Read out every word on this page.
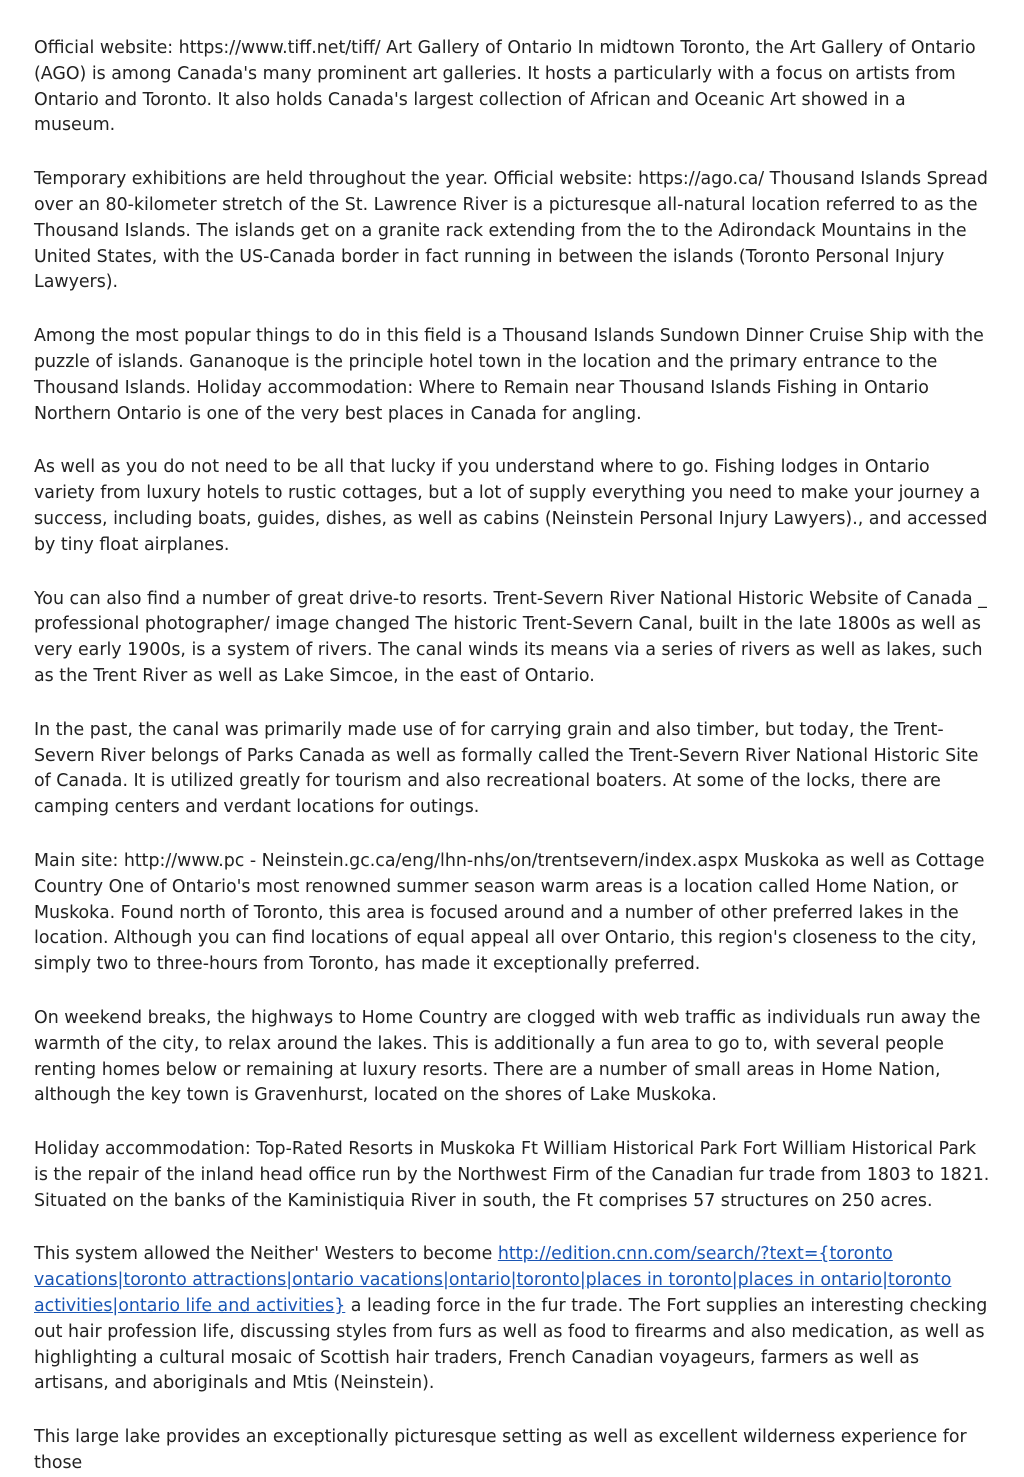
Official website: https://www.tiff.net/tiff/ Art Gallery of Ontario In midtown Toronto, the Art Gallery of Ontario (AGO) is among Canada's many prominent art galleries. It hosts a particularly with a focus on artists from Ontario and Toronto. It also holds Canada's largest collection of African and Oceanic Art showed in a museum.

Temporary exhibitions are held throughout the year. Official website: https://ago.ca/ Thousand Islands Spread over an 80-kilometer stretch of the St. Lawrence River is a picturesque all-natural location referred to as the Thousand Islands. The islands get on a granite rack extending from the to the Adirondack Mountains in the United States, with the US-Canada border in fact running in between the islands (Toronto Personal Injury Lawyers).

Among the most popular things to do in this field is a Thousand Islands Sundown Dinner Cruise Ship with the puzzle of islands. Gananoque is the principle hotel town in the location and the primary entrance to the Thousand Islands. Holiday accommodation: Where to Remain near Thousand Islands Fishing in Ontario Northern Ontario is one of the very best places in Canada for angling.

As well as you do not need to be all that lucky if you understand where to go. Fishing lodges in Ontario variety from luxury hotels to rustic cottages, but a lot of supply everything you need to make your journey a success, including boats, guides, dishes, as well as cabins (Neinstein Personal Injury Lawyers)., and accessed by tiny float airplanes.

You can also find a number of great drive-to resorts. Trent-Severn River National Historic Website of Canada _ professional photographer/ image changed The historic Trent-Severn Canal, built in the late 1800s as well as very early 1900s, is a system of rivers. The canal winds its means via a series of rivers as well as lakes, such as the Trent River as well as Lake Simcoe, in the east of Ontario.

In the past, the canal was primarily made use of for carrying grain and also timber, but today, the Trent-Severn River belongs of Parks Canada as well as formally called the Trent-Severn River National Historic Site of Canada. It is utilized greatly for tourism and also recreational boaters. At some of the locks, there are camping centers and verdant locations for outings.

Main site: http://www.pc - Neinstein.gc.ca/eng/lhn-nhs/on/trentsevern/index.aspx Muskoka as well as Cottage Country One of Ontario's most renowned summer season warm areas is a location called Home Nation, or Muskoka. Found north of Toronto, this area is focused around and a number of other preferred lakes in the location. Although you can find locations of equal appeal all over Ontario, this region's closeness to the city, simply two to three-hours from Toronto, has made it exceptionally preferred.

On weekend breaks, the highways to Home Country are clogged with web traffic as individuals run away the warmth of the city, to relax around the lakes. This is additionally a fun area to go to, with several people renting homes below or remaining at luxury resorts. There are a number of small areas in Home Nation, although the key town is Gravenhurst, located on the shores of Lake Muskoka.

Holiday accommodation: Top-Rated Resorts in Muskoka Ft William Historical Park Fort William Historical Park is the repair of the inland head office run by the Northwest Firm of the Canadian fur trade from 1803 to 1821. Situated on the banks of the Kaministiquia River in south, the Ft comprises 57 structures on 250 acres.

This system allowed the Neither' Westers to become http://edition.cnn.com/search/?text={toronto vacations|toronto attractions|ontario vacations|ontario|toronto|places in toronto|places in ontario|toronto activities|ontario life and activities} a leading force in the fur trade. The Fort supplies an interesting checking out hair profession life, discussing styles from furs as well as food to firearms and also medication, as well as highlighting a cultural mosaic of Scottish hair traders, French Canadian voyageurs, farmers as well as artisans, and aboriginals and Mtis (Neinstein).

This large lake provides an exceptionally picturesque setting as well as excellent wilderness experience for those
